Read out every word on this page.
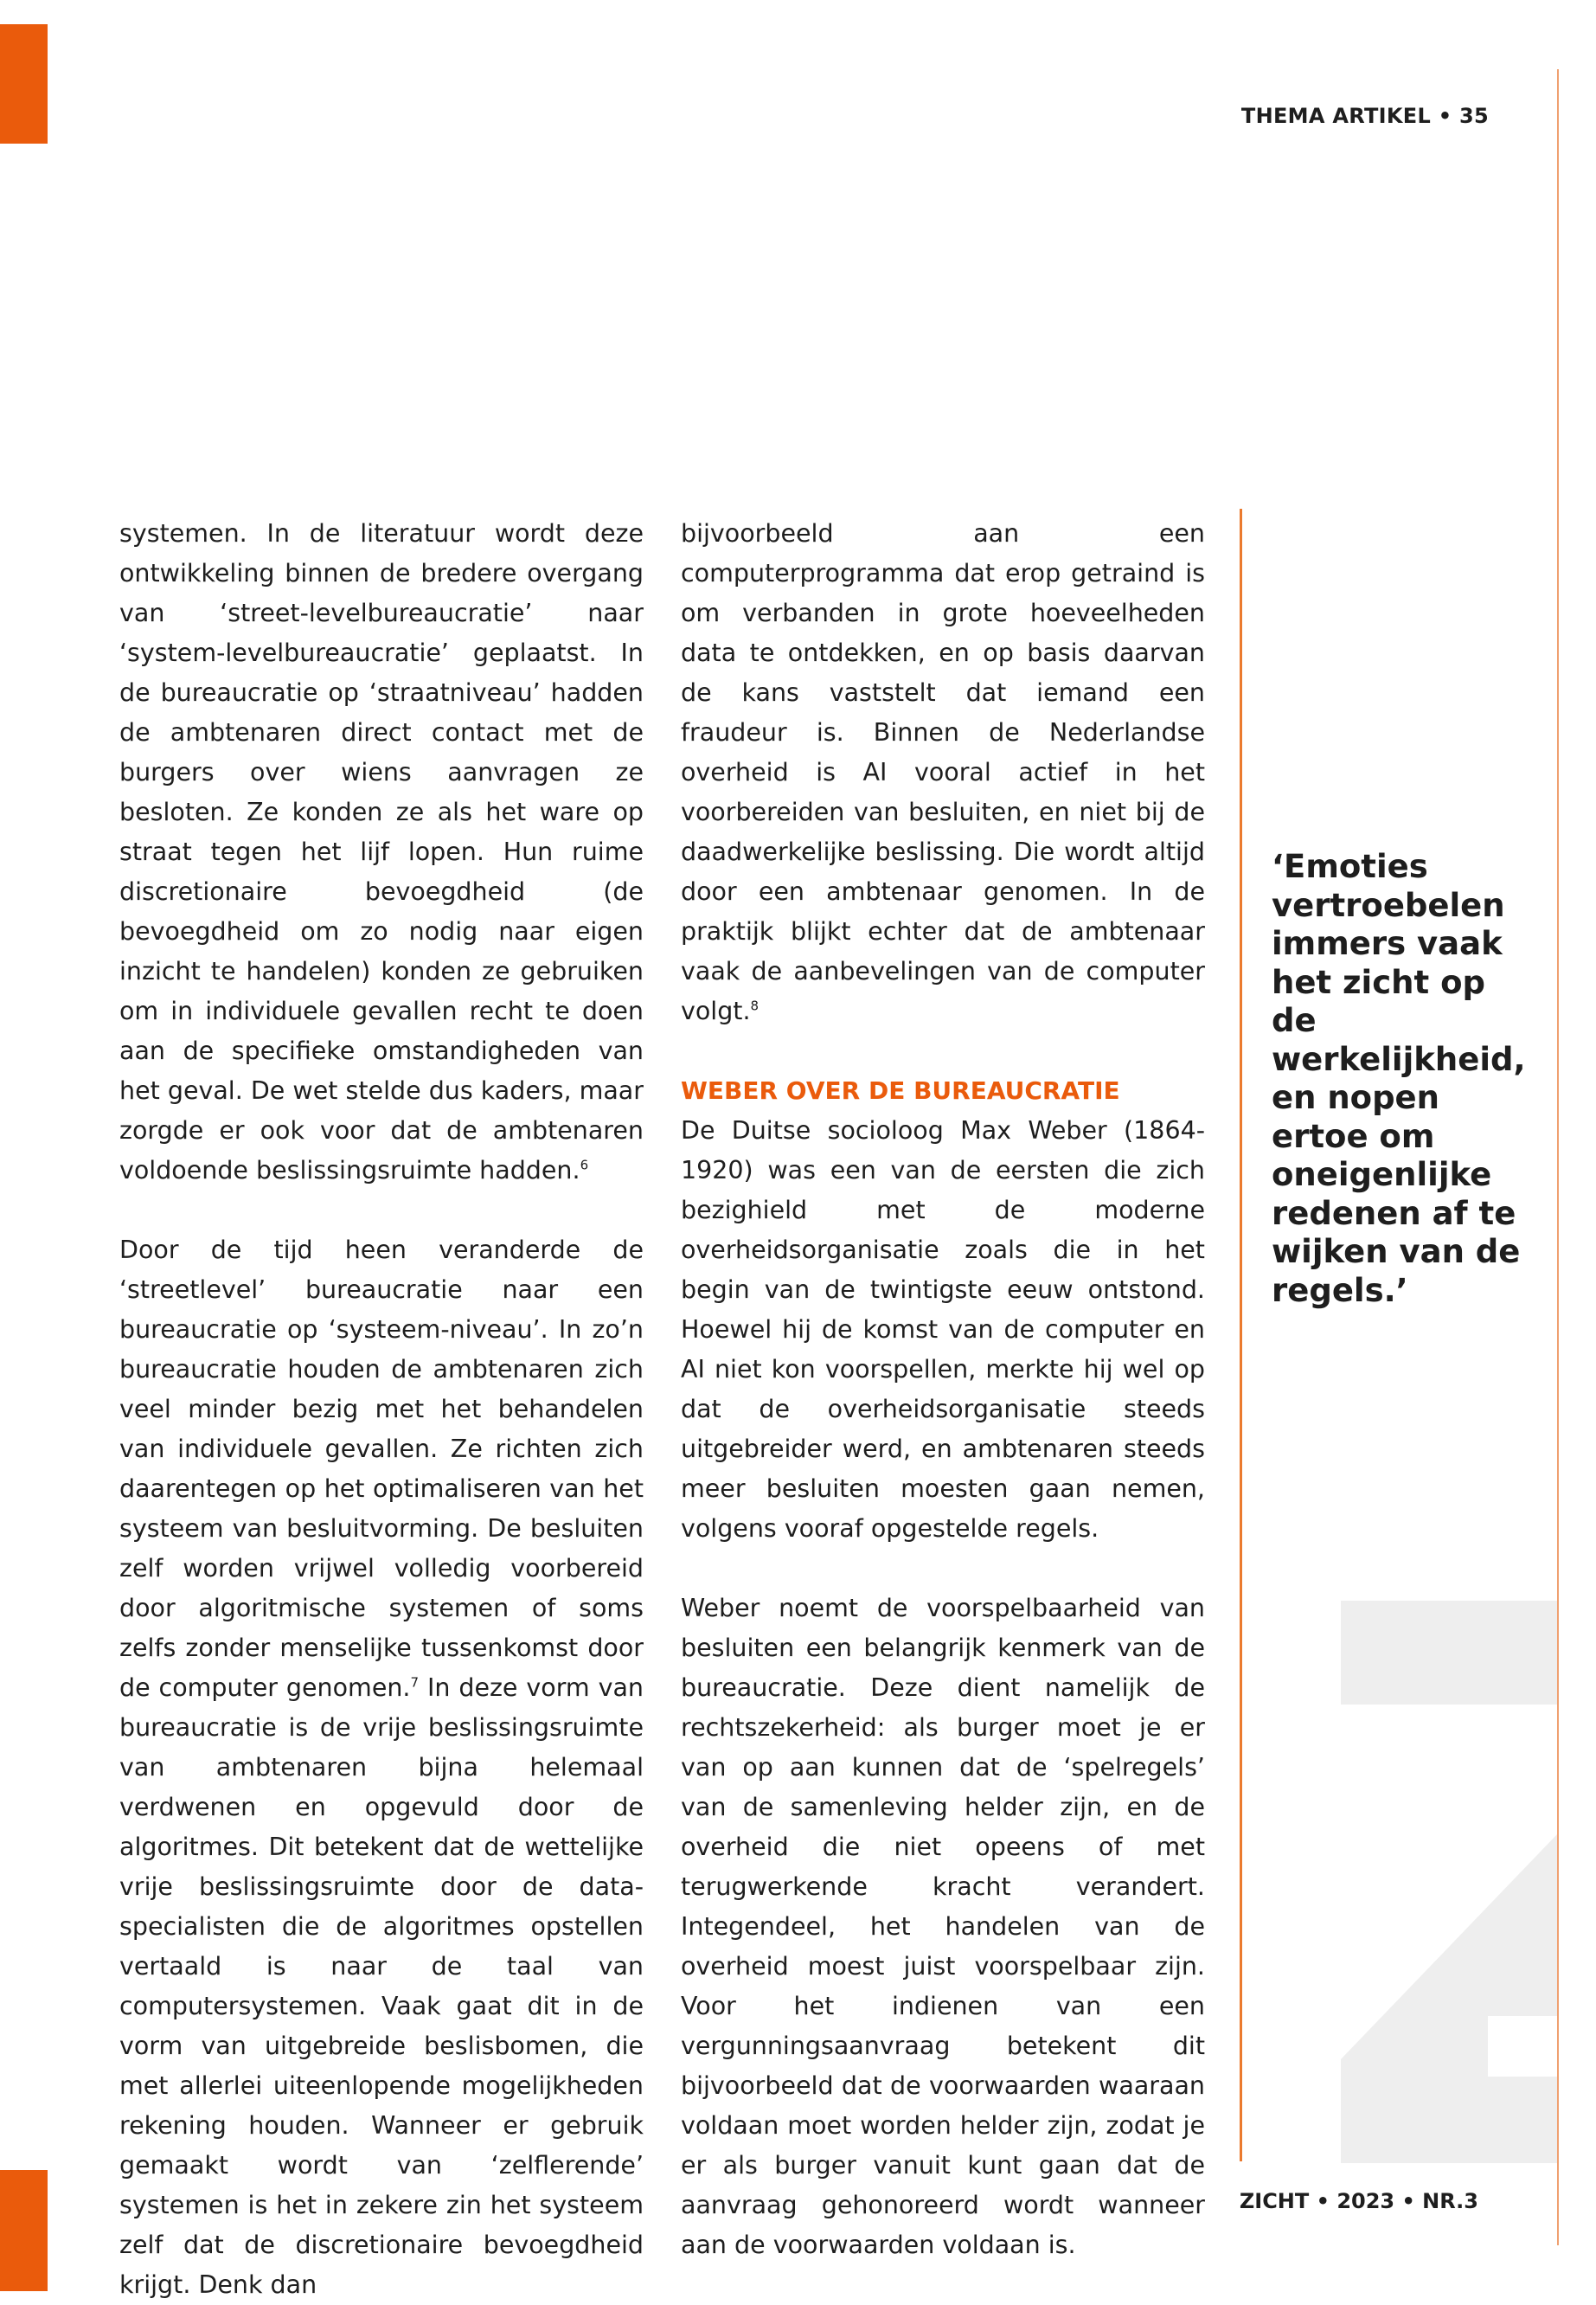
THEMA ARTIKEL • 35

systemen. In de literatuur wordt deze ontwikkeling binnen de bredere overgang van ‘street-levelbureaucratie’ naar ‘system-levelbureaucratie’ geplaatst. In de bureaucratie op ‘straatniveau’ hadden de ambtenaren direct contact met de burgers over wiens aanvragen ze besloten. Ze konden ze als het ware op straat tegen het lijf lopen. Hun ruime discretionaire bevoegdheid (de bevoegdheid om zo nodig naar eigen inzicht te handelen) konden ze gebruiken om in individuele gevallen recht te doen aan de specifieke omstandigheden van het geval. De wet stelde dus kaders, maar zorgde er ook voor dat de ambtenaren voldoende beslissingsruimte hadden.$^6$

Door de tijd heen veranderde de ‘streetlevel’ bureaucratie naar een bureaucratie op ‘systeem-niveau’. In zo’n bureaucratie houden de ambtenaren zich veel minder bezig met het behandelen van individuele gevallen. Ze richten zich daarentegen op het optimaliseren van het systeem van besluitvorming. De besluiten zelf worden vrijwel volledig voorbereid door algoritmische systemen of soms zelfs zonder menselijke tussenkomst door de computer genomen.$^7$ In deze vorm van bureaucratie is de vrije beslissingsruimte van ambtenaren bijna helemaal verdwenen en opgevuld door de algoritmes. Dit betekent dat de wettelijke vrije beslissingsruimte door de data-specialisten die de algoritmes opstellen vertaald is naar de taal van computersystemen. Vaak gaat dit in de vorm van uitgebreide beslisbomen, die met allerlei uiteenlopende mogelijkheden rekening houden. Wanneer er gebruik gemaakt wordt van ‘zelflerende’ systemen is het in zekere zin het systeem zelf dat de discretionaire bevoegdheid krijgt. Denk dan

bijvoorbeeld aan een computerprogramma dat erop getraind is om verbanden in grote hoeveelheden data te ontdekken, en op basis daarvan de kans vaststelt dat iemand een fraudeur is. Binnen de Nederlandse overheid is AI vooral actief in het voorbereiden van besluiten, en niet bij de daadwerkelijke beslissing. Die wordt altijd door een ambtenaar genomen. In de praktijk blijkt echter dat de ambtenaar vaak de aanbevelingen van de computer volgt.$^8$

WEBER OVER DE BUREAUCRATIE

De Duitse socioloog Max Weber (1864-1920) was een van de eersten die zich bezighield met de moderne overheidsorganisatie zoals die in het begin van de twintigste eeuw ontstond. Hoewel hij de komst van de computer en AI niet kon voorspellen, merkte hij wel op dat de overheidsorganisatie steeds uitgebreider werd, en ambtenaren steeds meer besluiten moesten gaan nemen, volgens vooraf opgestelde regels.

Weber noemt de voorspelbaarheid van besluiten een belangrijk kenmerk van de bureaucratie. Deze dient namelijk de rechtszekerheid: als burger moet je er van op aan kunnen dat de ‘spelregels’ van de samenleving helder zijn, en de overheid die niet opeens of met terugwerkende kracht verandert. Integendeel, het handelen van de overheid moest juist voorspelbaar zijn. Voor het indienen van een vergunningsaanvraag betekent dit bijvoorbeeld dat de voorwaarden waaraan voldaan moet worden helder zijn, zodat je er als burger vanuit kunt gaan dat de aanvraag gehonoreerd wordt wanneer aan de voorwaarden voldaan is.

‘Emoties vertroebelen immers vaak het zicht op de werkelijkheid, en nopen ertoe om oneigenlijke redenen af te wijken van de regels.’

ZICHT • 2023 • NR.3
